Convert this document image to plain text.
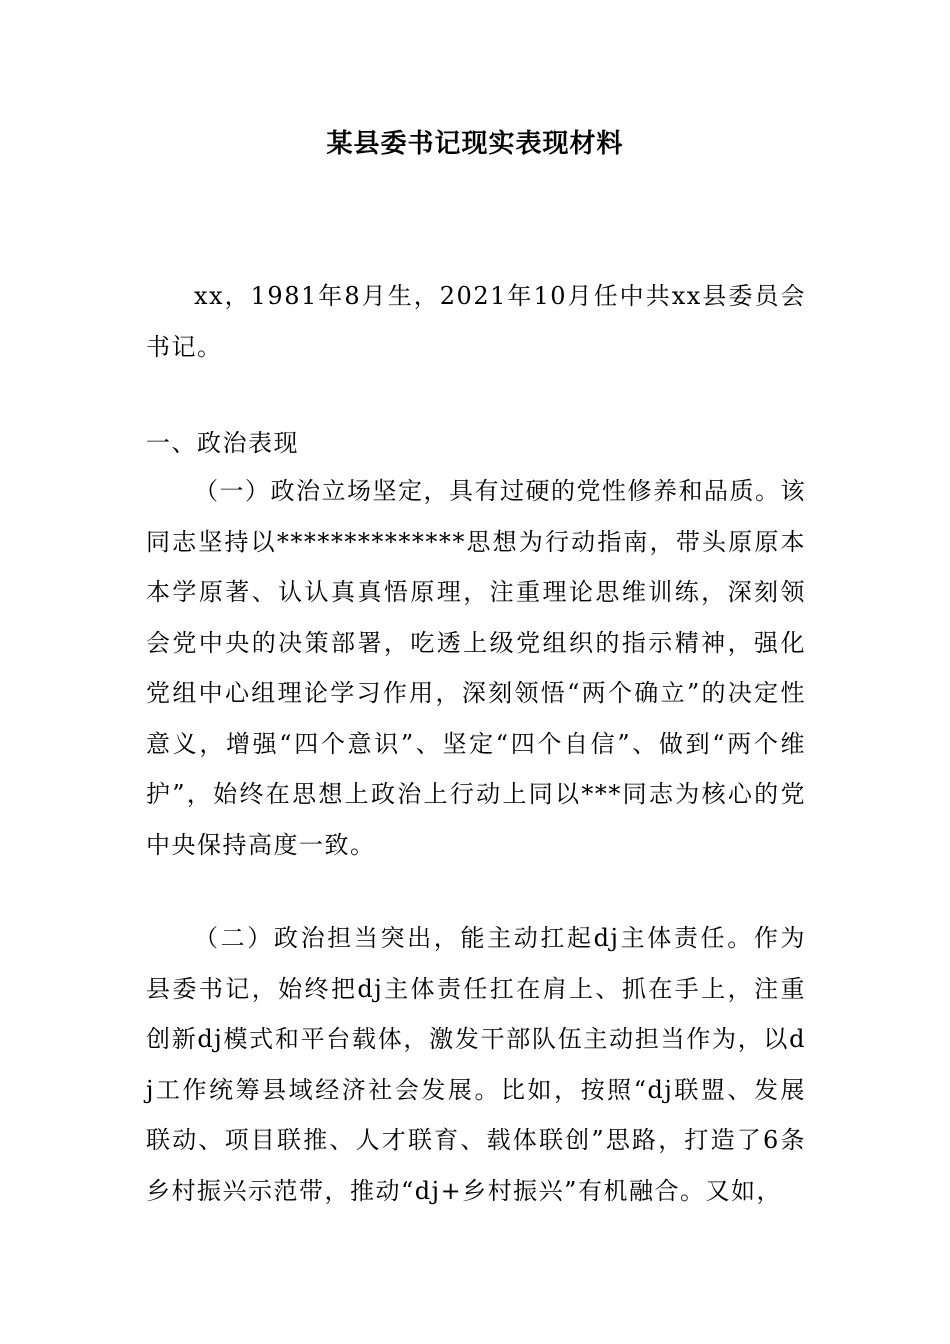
某县委书记现实表现材料

xx，1981年8月生，2021年10月任中共xx县委员会书记。

一、政治表现

（一）政治立场坚定，具有过硬的党性修养和品质。该同志坚持以**************思想为行动指南，带头原原本本学原著、认认真真悟原理，注重理论思维训练，深刻领会党中央的决策部署，吃透上级党组织的指示精神，强化党组中心组理论学习作用，深刻领悟“两个确立”的决定性意义，增强“四个意识”、坚定“四个自信”、做到“两个维护”，始终在思想上政治上行动上同以***同志为核心的党中央保持高度一致。

（二）政治担当突出，能主动扛起dj主体责任。作为县委书记，始终把dj主体责任扛在肩上、抓在手上，注重创新dj模式和平台载体，激发干部队伍主动担当作为，以dj工作统筹县域经济社会发展。比如，按照“dj联盟、发展联动、项目联推、人才联育、载体联创”思路，打造了6条乡村振兴示范带，推动“dj+乡村振兴”有机融合。又如，
